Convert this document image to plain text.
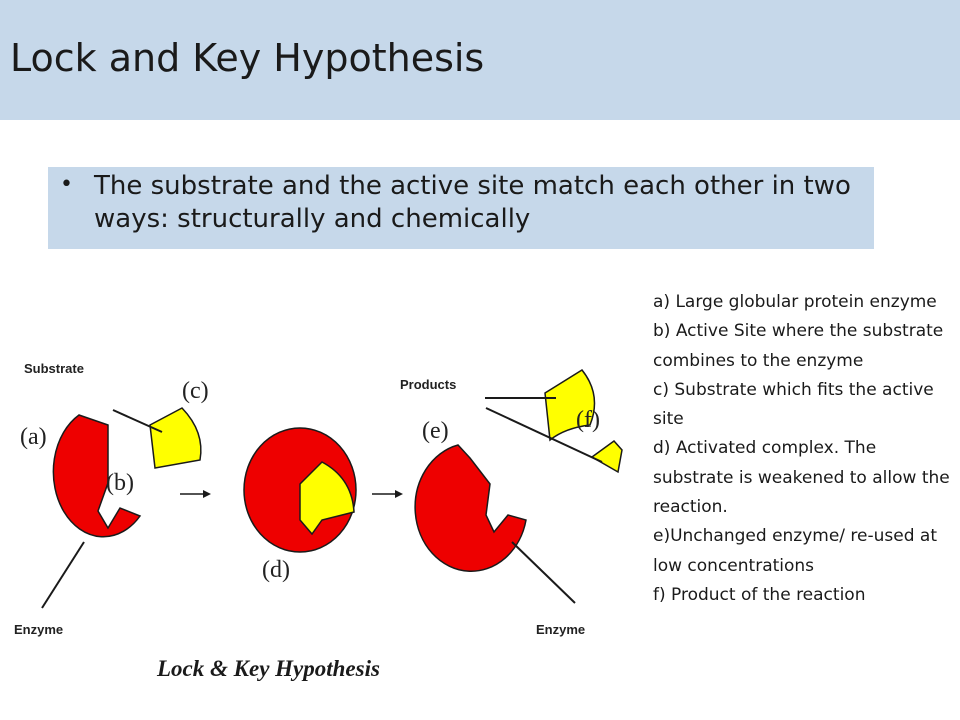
Lock and Key Hypothesis
• The substrate and the active site match each other in two ways: structurally and chemically
Substrate
Products
Enzyme	Enzyme
(a)
(b)
(c)
(d)
(e)	(f)
Lock & Key Hypothesis
a) Large globular protein enzyme
b) Active Site where the substrate combines to the enzyme
c) Substrate which fits the active site
d) Activated complex. The substrate is weakened to allow the reaction.
e)Unchanged enzyme/ re-used at low concentrations
f) Product of the reaction
